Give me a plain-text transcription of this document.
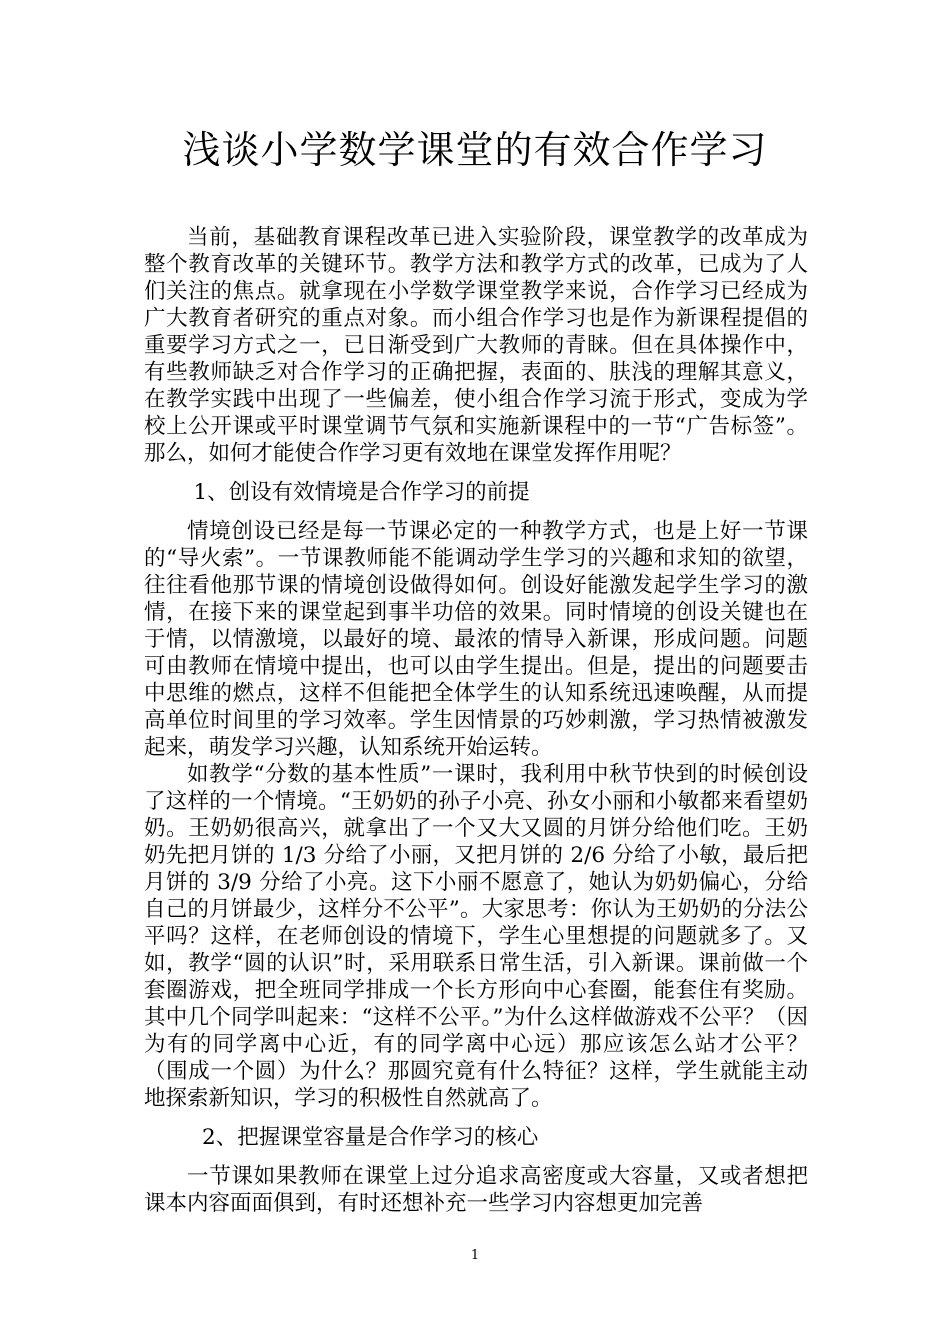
浅谈小学数学课堂的有效合作学习

当前，基础教育课程改革已进入实验阶段，课堂教学的改革成为整个教育改革的关键环节。教学方法和教学方式的改革，已成为了人们关注的焦点。就拿现在小学数学课堂教学来说，合作学习已经成为广大教育者研究的重点对象。而小组合作学习也是作为新课程提倡的重要学习方式之一，已日渐受到广大教师的青睐。但在具体操作中，有些教师缺乏对合作学习的正确把握，表面的、肤浅的理解其意义，在教学实践中出现了一些偏差，使小组合作学习流于形式，变成为学校上公开课或平时课堂调节气氛和实施新课程中的一节“广告标签”。那么，如何才能使合作学习更有效地在课堂发挥作用呢？

1、创设有效情境是合作学习的前提

情境创设已经是每一节课必定的一种教学方式，也是上好一节课的“导火索”。一节课教师能不能调动学生学习的兴趣和求知的欲望，往往看他那节课的情境创设做得如何。创设好能激发起学生学习的激情，在接下来的课堂起到事半功倍的效果。同时情境的创设关键也在于情，以情激境，以最好的境、最浓的情导入新课，形成问题。问题可由教师在情境中提出，也可以由学生提出。但是，提出的问题要击中思维的燃点，这样不但能把全体学生的认知系统迅速唤醒，从而提高单位时间里的学习效率。学生因情景的巧妙刺激，学习热情被激发起来，萌发学习兴趣，认知系统开始运转。

如教学“分数的基本性质”一课时，我利用中秋节快到的时候创设了这样的一个情境。“王奶奶的孙子小亮、孙女小丽和小敏都来看望奶奶。王奶奶很高兴，就拿出了一个又大又圆的月饼分给他们吃。王奶奶先把月饼的 1/3 分给了小丽，又把月饼的 2/6 分给了小敏，最后把月饼的 3/9 分给了小亮。这下小丽不愿意了，她认为奶奶偏心，分给自己的月饼最少，这样分不公平”。大家思考：你认为王奶奶的分法公平吗？这样，在老师创设的情境下，学生心里想提的问题就多了。又如，教学“圆的认识”时，采用联系日常生活，引入新课。课前做一个套圈游戏，把全班同学排成一个长方形向中心套圈，能套住有奖励。其中几个同学叫起来：“这样不公平。”为什么这样做游戏不公平？（因为有的同学离中心近，有的同学离中心远）那应该怎么站才公平？（围成一个圆）为什么？那圆究竟有什么特征？这样，学生就能主动地探索新知识，学习的积极性自然就高了。

2、把握课堂容量是合作学习的核心

一节课如果教师在课堂上过分追求高密度或大容量，又或者想把课本内容面面俱到，有时还想补充一些学习内容想更加完善

1
